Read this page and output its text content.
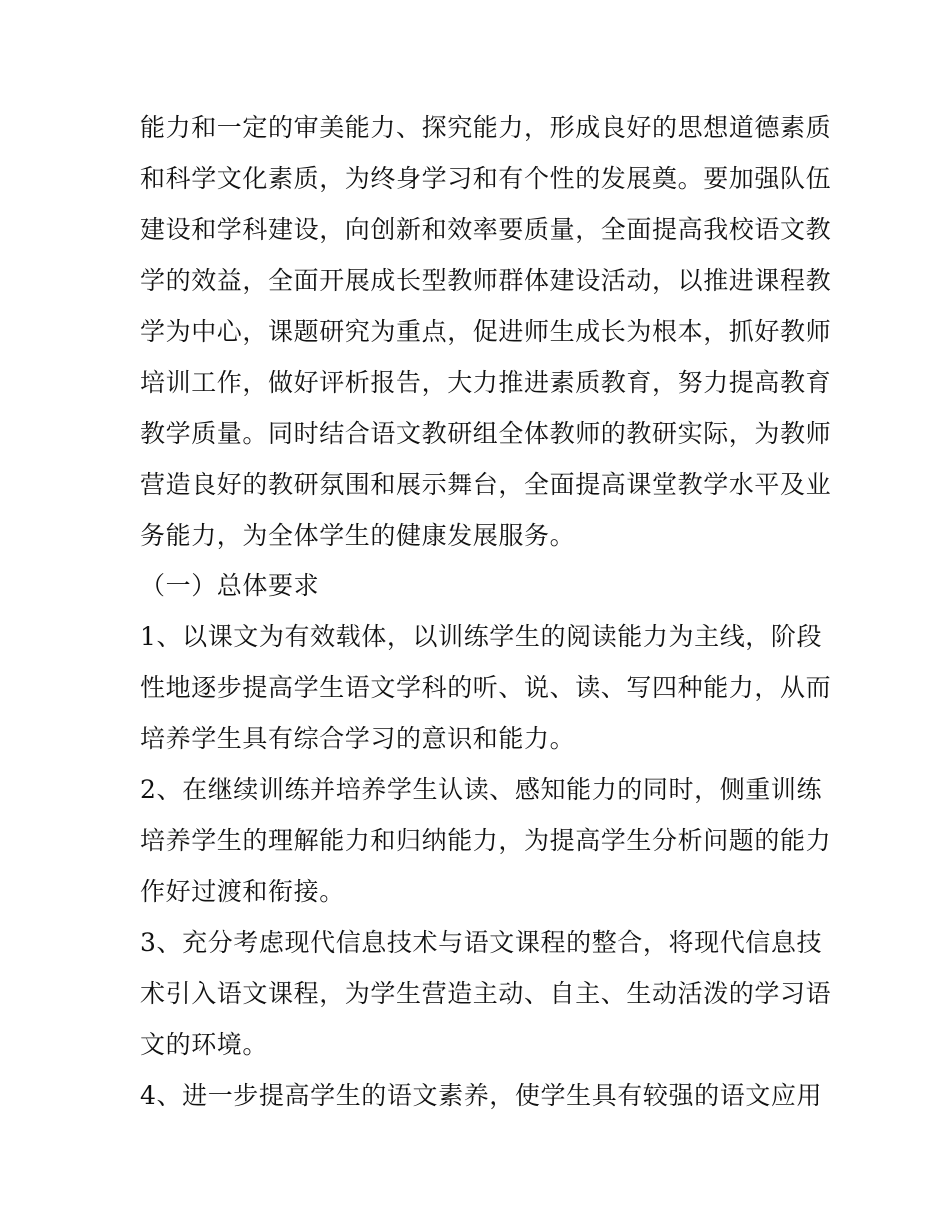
能力和一定的审美能力、探究能力，形成良好的思想道德素质
和科学文化素质，为终身学习和有个性的发展奠。要加强队伍
建设和学科建设，向创新和效率要质量，全面提高我校语文教
学的效益，全面开展成长型教师群体建设活动，以推进课程教
学为中心，课题研究为重点，促进师生成长为根本，抓好教师
培训工作，做好评析报告，大力推进素质教育，努力提高教育
教学质量。同时结合语文教研组全体教师的教研实际，为教师
营造良好的教研氛围和展示舞台，全面提高课堂教学水平及业
务能力，为全体学生的健康发展服务。
（一）总体要求
1、以课文为有效载体，以训练学生的阅读能力为主线，阶段
性地逐步提高学生语文学科的听、说、读、写四种能力，从而
培养学生具有综合学习的意识和能力。
2、在继续训练并培养学生认读、感知能力的同时，侧重训练
培养学生的理解能力和归纳能力，为提高学生分析问题的能力
作好过渡和衔接。
3、充分考虑现代信息技术与语文课程的整合，将现代信息技
术引入语文课程，为学生营造主动、自主、生动活泼的学习语
文的环境。
4、进一步提高学生的语文素养，使学生具有较强的语文应用
